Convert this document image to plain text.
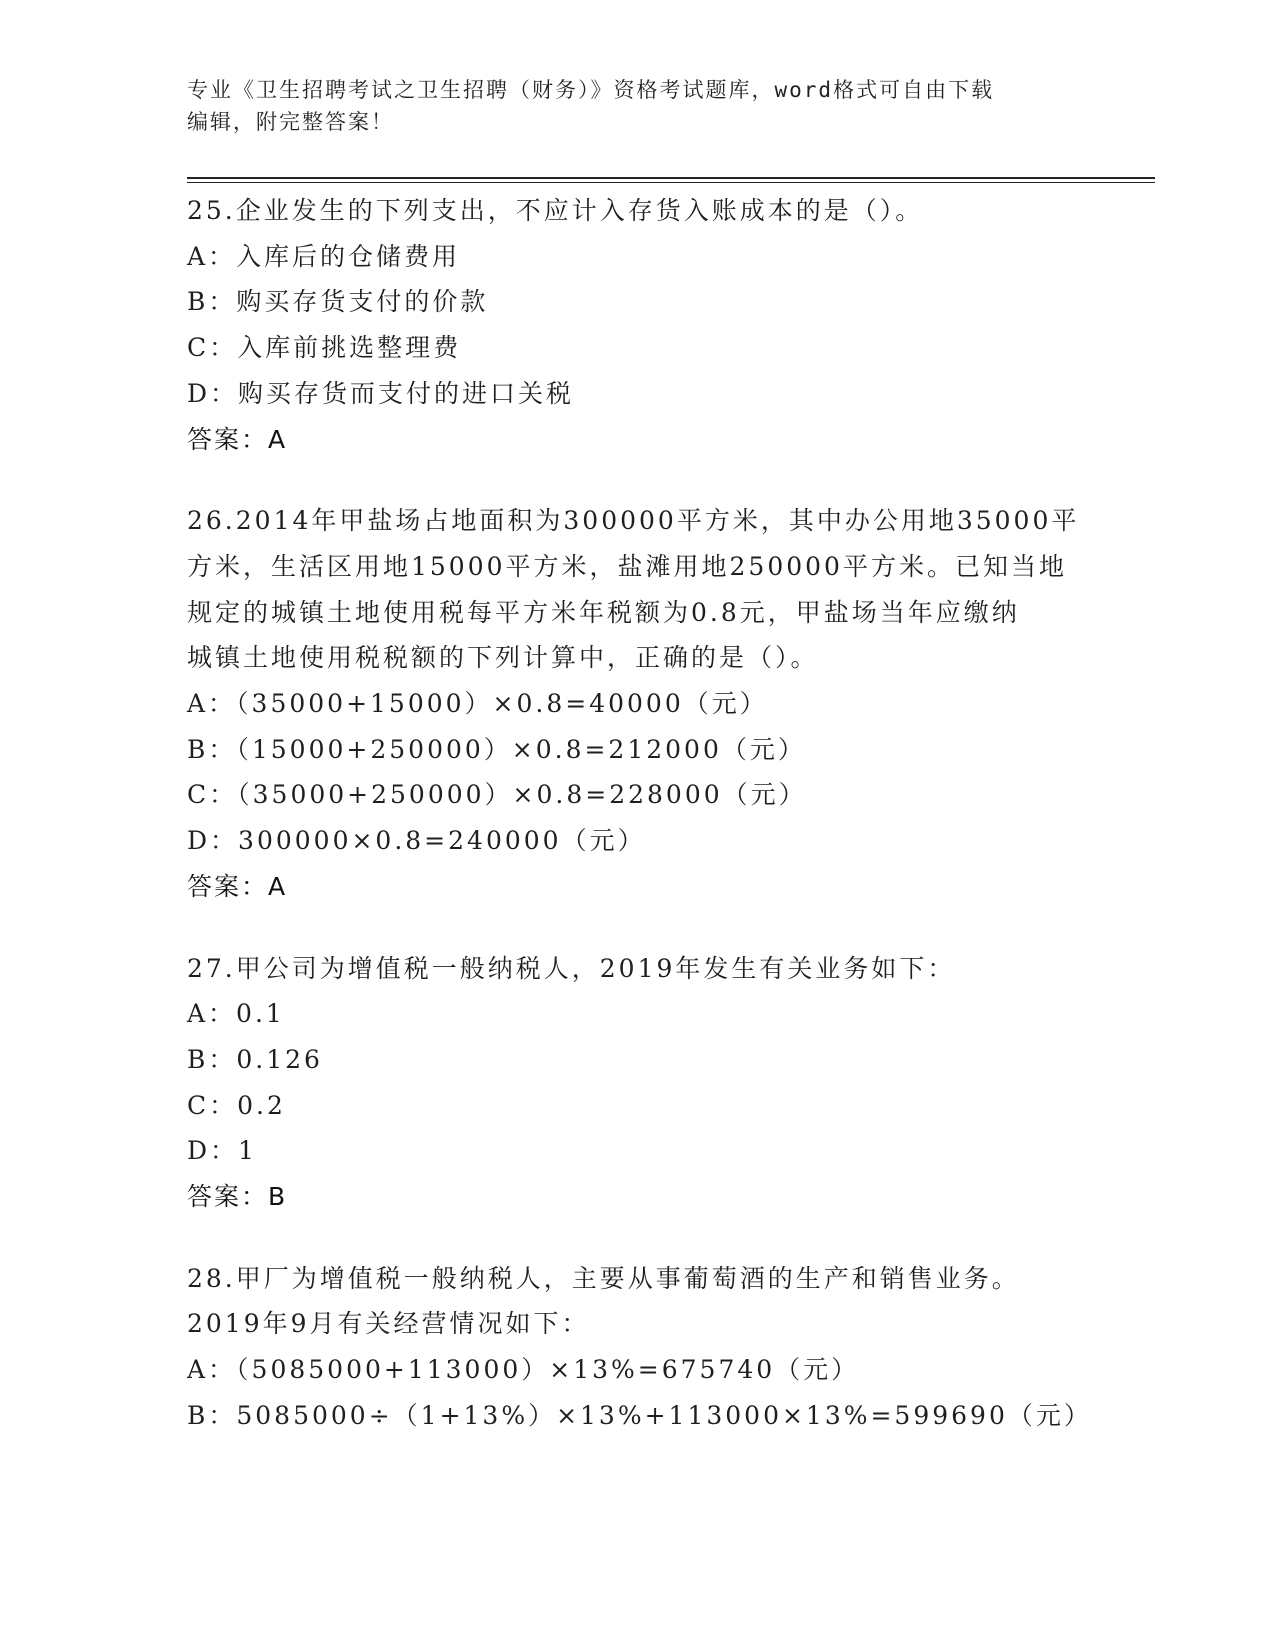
专业《卫生招聘考试之卫生招聘（财务）》资格考试题库，word格式可自由下载
编辑，附完整答案！
25.企业发生的下列支出，不应计入存货入账成本的是（）。
A：入库后的仓储费用
B：购买存货支付的价款
C：入库前挑选整理费
D：购买存货而支付的进口关税
答案：A
26.2014年甲盐场占地面积为300000平方米，其中办公用地35000平
方米，生活区用地15000平方米，盐滩用地250000平方米。已知当地
规定的城镇土地使用税每平方米年税额为0.8元，甲盐场当年应缴纳
城镇土地使用税税额的下列计算中，正确的是（）。
A：（35000+15000）×0.8=40000（元）
B：（15000+250000）×0.8=212000（元）
C：（35000+250000）×0.8=228000（元）
D：300000×0.8=240000（元）
答案：A
27.甲公司为增值税一般纳税人，2019年发生有关业务如下：
A：0.1
B：0.126
C：0.2
D：1
答案：B
28.甲厂为增值税一般纳税人，主要从事葡萄酒的生产和销售业务。
2019年9月有关经营情况如下：
A：（5085000+113000）×13%=675740（元）
B：5085000÷（1+13%）×13%+113000×13%=599690（元）
